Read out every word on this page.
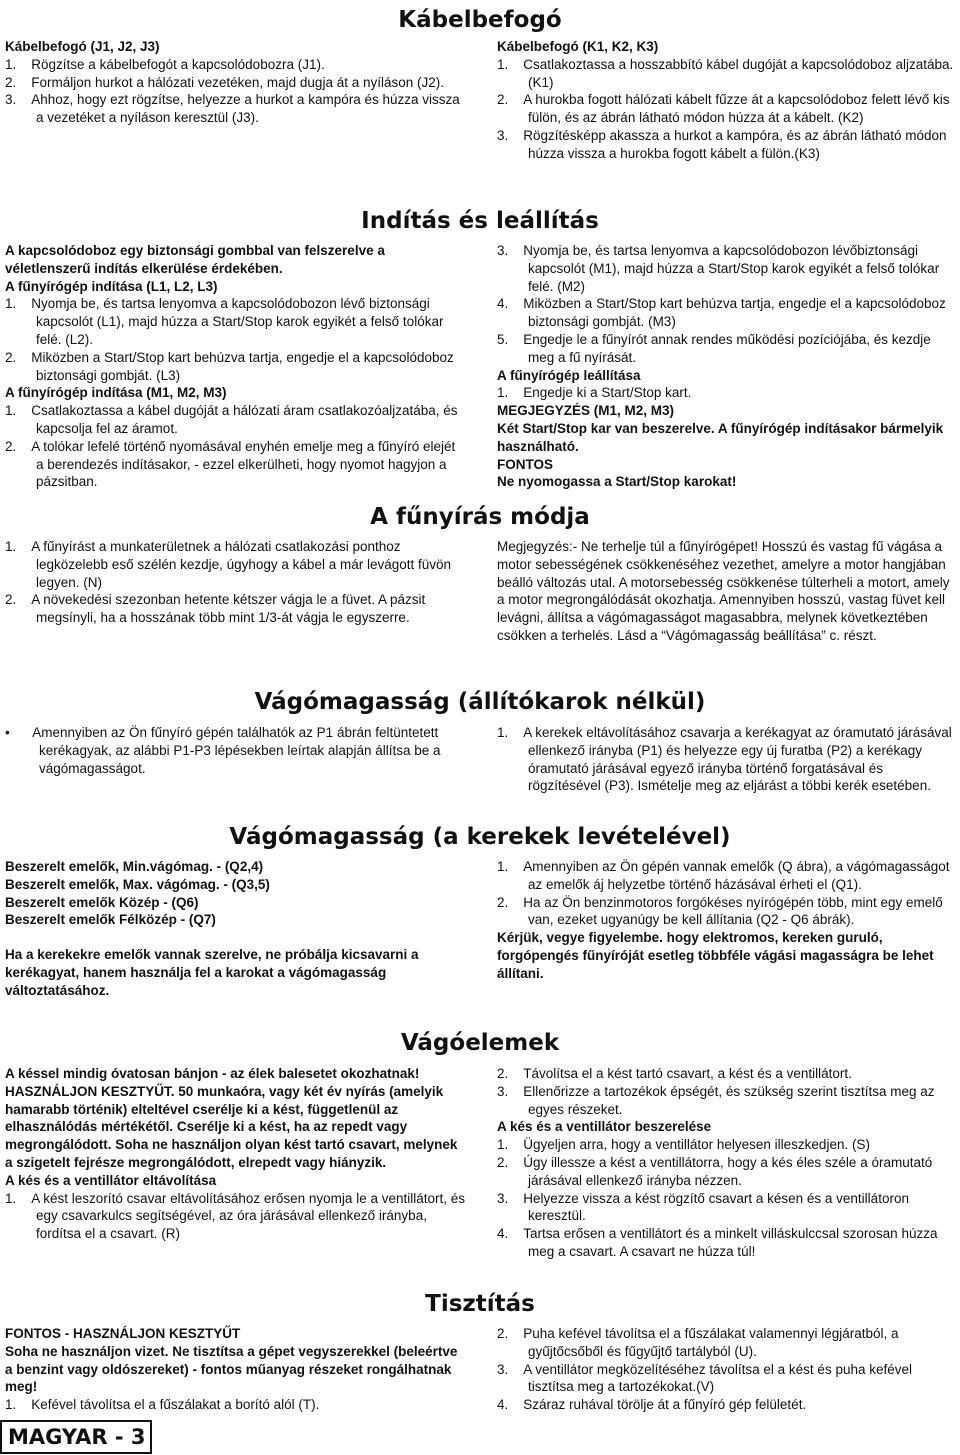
Kábelbefogó

Kábelbefogó (J1, J2, J3)

1. Rögzítse a kábelbefogót a kapcsolódobozra (J1).

2. Formáljon hurkot a hálózati vezetéken, majd dugja át a nyíláson (J2).

3. Ahhoz, hogy ezt rögzítse, helyezze a hurkot a kampóra és húzza vissza a vezetéket a nyíláson keresztül (J3).

Kábelbefogó (K1, K2, K3)

1. Csatlakoztassa a hosszabbító kábel dugóját a kapcsolódoboz aljzatába. (K1)

2. A hurokba fogott hálózati kábelt fűzze át a kapcsolódoboz felett lévő kis fülön, és az ábrán látható módon húzza át a kábelt. (K2)

3. Rögzítésképp akassza a hurkot a kampóra, és az ábrán látható módon húzza vissza a hurokba fogott kábelt a fülön.(K3)

Indítás és leállítás

A kapcsolódoboz egy biztonsági gombbal van felszerelve a véletlenszerű indítás elkerülése érdekében.

A fűnyírógép indítása (L1, L2, L3)

1. Nyomja be, és tartsa lenyomva a kapcsolódobozon lévő biztonsági kapcsolót (L1), majd húzza a Start/Stop karok egyikét a felső tolókar felé. (L2).

2. Miközben a Start/Stop kart behúzva tartja, engedje el a kapcsolódoboz biztonsági gombját. (L3)

A fűnyírógép indítása (M1, M2, M3)

1. Csatlakoztassa a kábel dugóját a hálózati áram csatlakozóaljzatába, és kapcsolja fel az áramot.

2. A tolókar lefelé történő nyomásával enyhén emelje meg a fűnyíró elejét a berendezés indításakor, - ezzel elkerülheti, hogy nyomot hagyjon a pázsitban.

3. Nyomja be, és tartsa lenyomva a kapcsolódobozon lévőbiztonsági kapcsolót (M1), majd húzza a Start/Stop karok egyikét a felső tolókar felé. (M2)

4. Miközben a Start/Stop kart behúzva tartja, engedje el a kapcsolódoboz biztonsági gombját. (M3)

5. Engedje le a fűnyírót annak rendes működési pozíciójába, és kezdje meg a fű nyírását.

A fűnyírógép leállítása

1. Engedje ki a Start/Stop kart.

MEGJEGYZÉS (M1, M2, M3)

Két Start/Stop kar van beszerelve. A fűnyírógép indításakor bármelyik használható.

FONTOS

Ne nyomogassa a Start/Stop karokat!

A fűnyírás módja

1. A fűnyírást a munkaterületnek a hálózati csatlakozási ponthoz legközelebb eső szélén kezdje, úgyhogy a kábel a már levágott füvön legyen. (N)

2. A növekedési szezonban hetente kétszer vágja le a füvet. A pázsit megsínyli, ha a hosszának több mint 1/3-át vágja le egyszerre.

Megjegyzés:- Ne terhelje túl a fűnyírógépet! Hosszú és vastag fű vágása a motor sebességének csökkenéséhez vezethet, amelyre a motor hangjában beálló változás utal. A motorsebesség csökkenése túlterheli a motort, amely a motor megrongálódását okozhatja. Amennyiben hosszú, vastag füvet kell levágni, állítsa a vágómagasságot magasabbra, melynek következtében csökken a terhelés. Lásd a “Vágómagasság beállítása” c. részt.

Vágómagasság (állítókarok nélkül)

• Amennyiben az Ön fűnyíró gépén találhatók az P1 ábrán feltüntetett kerékagyak, az alábbi P1-P3 lépésekben leírtak alapján állítsa be a vágómagasságot.

1. A kerekek eltávolításához csavarja a kerékagyat az óramutató járásával ellenkező irányba (P1) és helyezze egy új furatba (P2) a kerékagy óramutató járásával egyező irányba történő forgatásával és rögzítésével (P3). Ismételje meg az eljárást a többi kerék esetében.

Vágómagasság (a kerekek levételével)

Beszerelt emelők, Min.vágómag. - (Q2,4)

Beszerelt emelők, Max. vágómag. - (Q3,5)

Beszerelt emelők Közép - (Q6)

Beszerelt emelők Félközép - (Q7)

Ha a kerekekre emelők vannak szerelve, ne próbálja kicsavarni a kerékagyat, hanem használja fel a karokat a vágómagasság változtatásához.

1. Amennyiben az Ön gépén vannak emelők (Q ábra), a vágómagasságot az emelők áj helyzetbe történő házásával érheti el (Q1).

2. Ha az Ön benzinmotoros forgókéses nyírógépén több, mint egy emelő van, ezeket ugyanúgy be kell állítania (Q2 - Q6 ábrák).

Kérjük, vegye figyelembe. hogy elektromos, kereken guruló, forgópengés fűnyíróját esetleg többféle vágási magasságra be lehet állítani.

Vágóelemek

A késsel mindig óvatosan bánjon - az élek balesetet okozhatnak! HASZNÁLJON KESZTYŰT. 50 munkaóra, vagy két év nyírás (amelyik hamarabb történik) elteltével cserélje ki a kést, függetlenül az elhasználódás mértékétől. Cserélje ki a kést, ha az repedt vagy megrongálódott. Soha ne használjon olyan kést tartó csavart, melynek a szigetelt fejrésze megrongálódott, elrepedt vagy hiányzik.

A kés és a ventillátor eltávolítása

1. A kést leszorító csavar eltávolításához erősen nyomja le a ventillátort, és egy csavarkulcs segítségével, az óra járásával ellenkező irányba, fordítsa el a csavart. (R)

2. Távolítsa el a kést tartó csavart, a kést és a ventillátort.

3. Ellenőrizze a tartozékok épségét, és szükség szerint tisztítsa meg az egyes részeket.

A kés és a ventillátor beszerelése

1. Ügyeljen arra, hogy a ventillátor helyesen illeszkedjen. (S)

2. Úgy illessze a kést a ventillátorra, hogy a kés éles széle a óramutató járásával ellenkező irányba nézzen.

3. Helyezze vissza a kést rögzítő csavart a késen és a ventillátoron keresztül.

4. Tartsa erősen a ventillátort és a minkelt villáskulccsal szorosan húzza meg a csavart. A csavart ne húzza túl!

Tisztítás

FONTOS - HASZNÁLJON KESZTYŰT

Soha ne használjon vizet. Ne tisztítsa a gépet vegyszerekkel (beleértve a benzint vagy oldószereket) - fontos műanyag részeket rongálhatnak meg!

1. Kefével távolítsa el a fűszálakat a borító alól (T).

2. Puha kefével távolítsa el a fűszálakat valamennyi légjáratból, a gyűjtőcsőből és fűgyűjtő tartályból (U).

3. A ventillátor megközelítéséhez távolítsa el a kést és puha kefével tisztítsa meg a tartozékokat.(V)

4. Száraz ruhával törölje át a fűnyíró gép felületét.

MAGYAR - 3
